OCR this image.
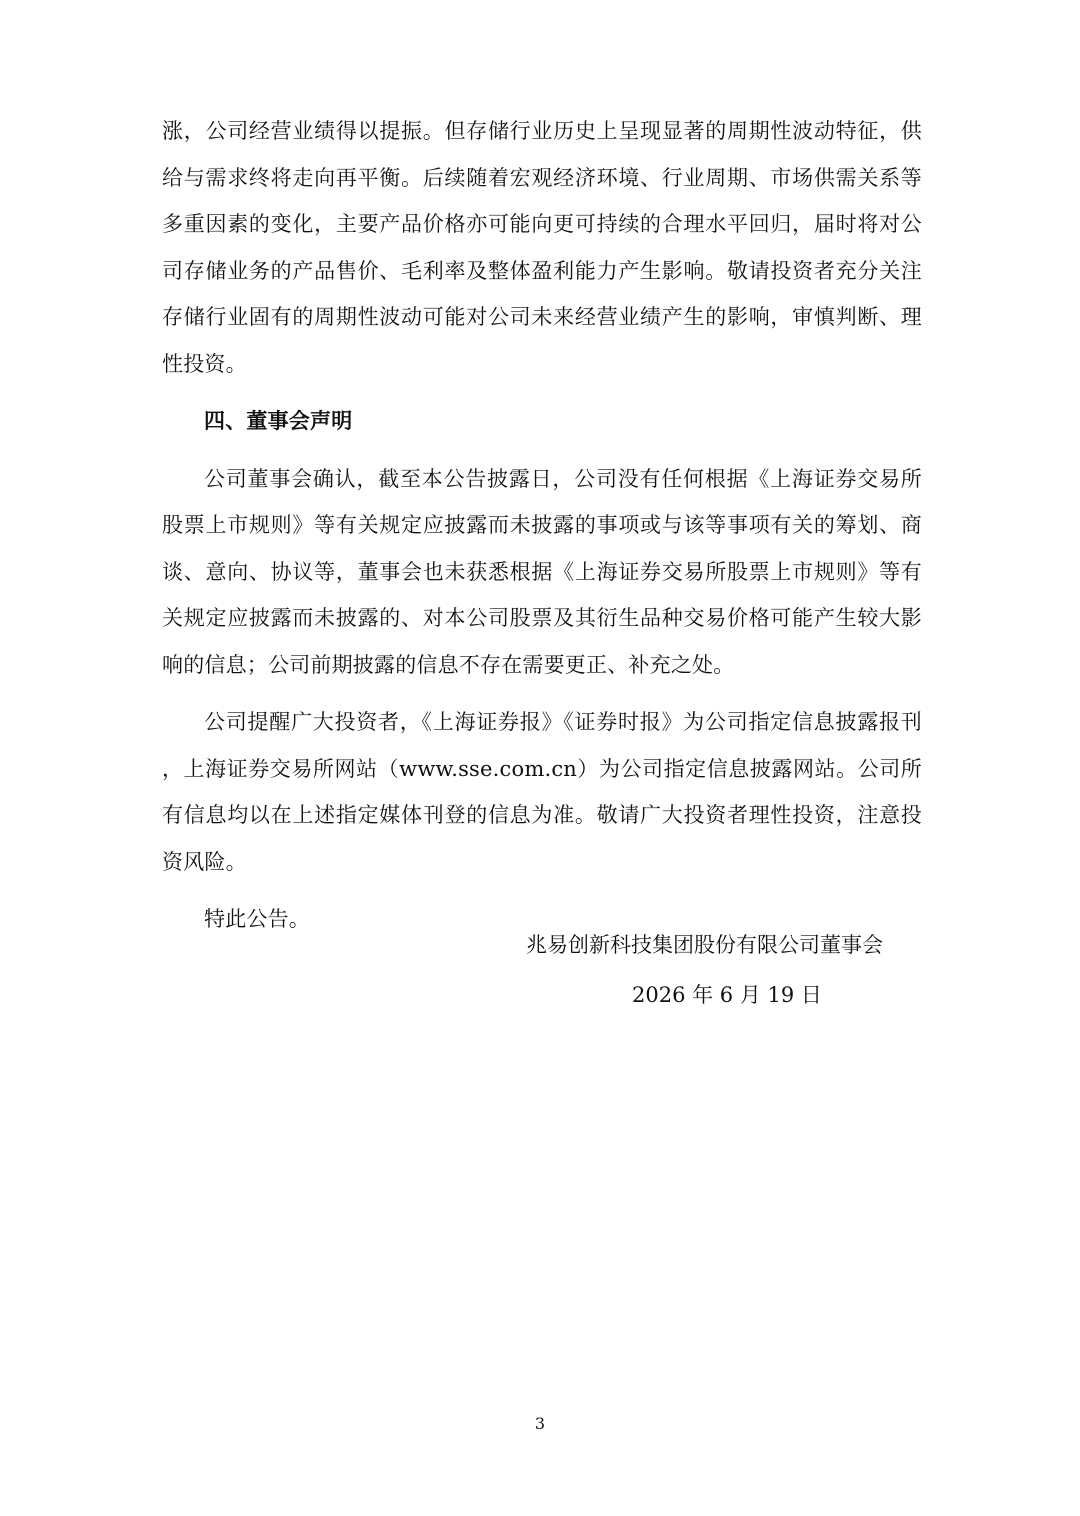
涨，公司经营业绩得以提振。但存储行业历史上呈现显著的周期性波动特征，供给与需求终将走向再平衡。后续随着宏观经济环境、行业周期、市场供需关系等多重因素的变化，主要产品价格亦可能向更可持续的合理水平回归，届时将对公司存储业务的产品售价、毛利率及整体盈利能力产生影响。敬请投资者充分关注存储行业固有的周期性波动可能对公司未来经营业绩产生的影响，审慎判断、理性投资。

四、董事会声明

公司董事会确认，截至本公告披露日，公司没有任何根据《上海证券交易所股票上市规则》等有关规定应披露而未披露的事项或与该等事项有关的筹划、商谈、意向、协议等，董事会也未获悉根据《上海证券交易所股票上市规则》等有关规定应披露而未披露的、对本公司股票及其衍生品种交易价格可能产生较大影响的信息；公司前期披露的信息不存在需要更正、补充之处。

公司提醒广大投资者，《上海证券报》《证券时报》为公司指定信息披露报刊，上海证券交易所网站（www.sse.com.cn）为公司指定信息披露网站。公司所有信息均以在上述指定媒体刊登的信息为准。敬请广大投资者理性投资，注意投资风险。

特此公告。

兆易创新科技集团股份有限公司董事会
2026 年 6 月 19 日
3
